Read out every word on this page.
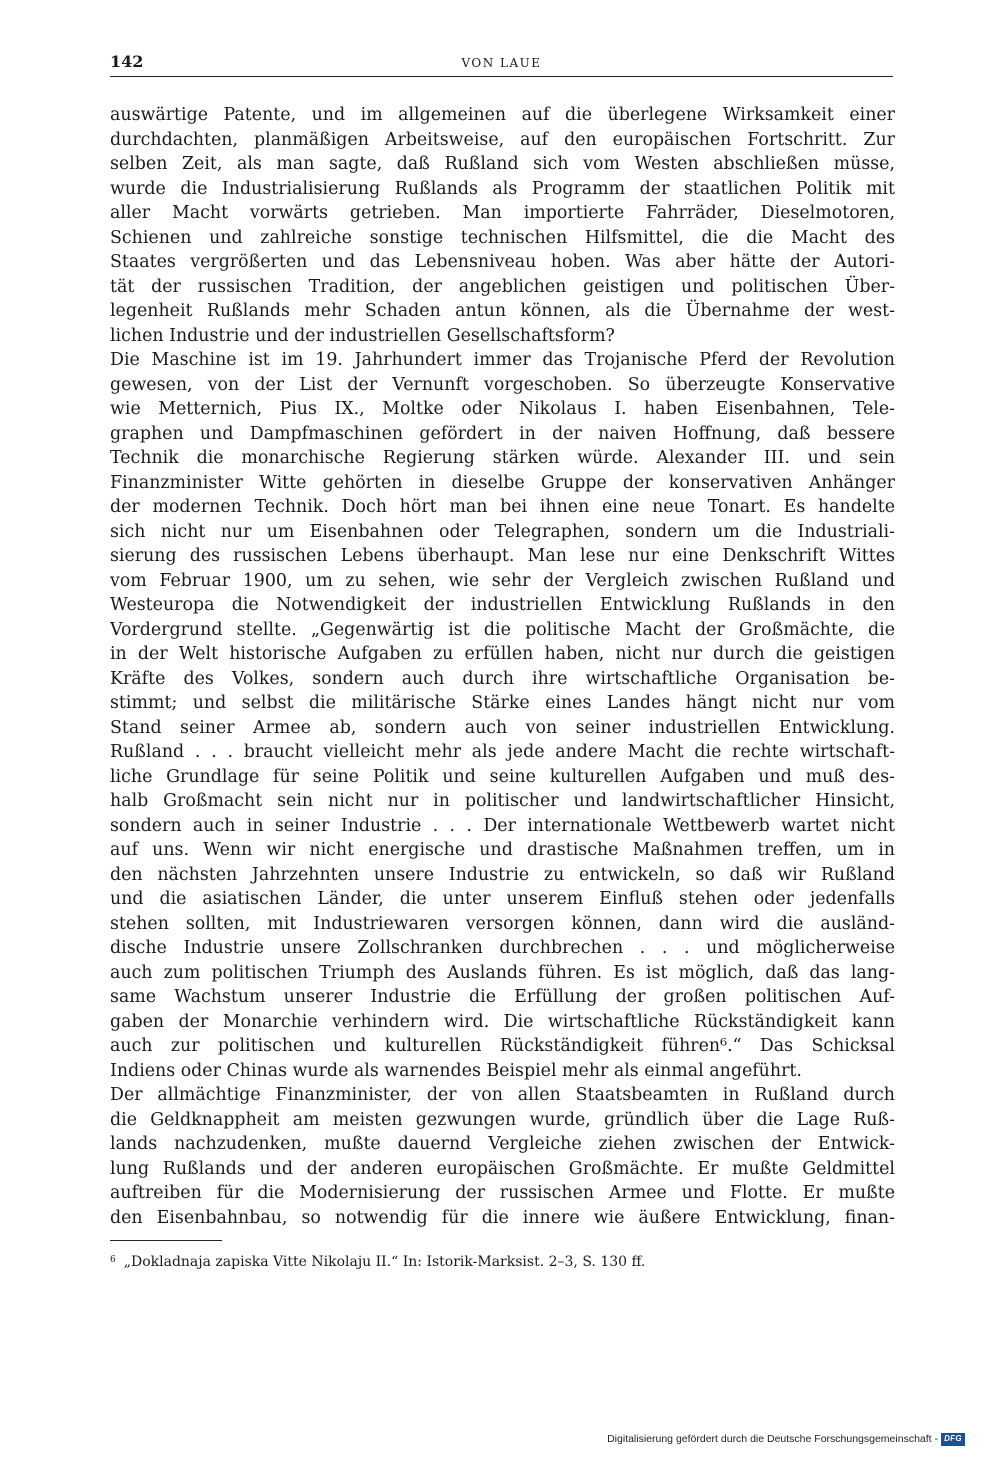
142	VON LAUE
auswärtige Patente, und im allgemeinen auf die überlegene Wirksamkeit einer
durchdachten, planmäßigen Arbeitsweise, auf den europäischen Fortschritt. Zur
selben Zeit, als man sagte, daß Rußland sich vom Westen abschließen müsse,
wurde die Industrialisierung Rußlands als Programm der staatlichen Politik mit
aller Macht vorwärts getrieben. Man importierte Fahrräder, Dieselmotoren,
Schienen und zahlreiche sonstige technischen Hilfsmittel, die die Macht des
Staates vergrößerten und das Lebensniveau hoben. Was aber hätte der Autori-
tät der russischen Tradition, der angeblichen geistigen und politischen Über-
legenheit Rußlands mehr Schaden antun können, als die Übernahme der west-
lichen Industrie und der industriellen Gesellschaftsform?
Die Maschine ist im 19. Jahrhundert immer das Trojanische Pferd der Revolution
gewesen, von der List der Vernunft vorgeschoben. So überzeugte Konservative
wie Metternich, Pius IX., Moltke oder Nikolaus I. haben Eisenbahnen, Tele-
graphen und Dampfmaschinen gefördert in der naiven Hoffnung, daß bessere
Technik die monarchische Regierung stärken würde. Alexander III. und sein
Finanzminister Witte gehörten in dieselbe Gruppe der konservativen Anhänger
der modernen Technik. Doch hört man bei ihnen eine neue Tonart. Es handelte
sich nicht nur um Eisenbahnen oder Telegraphen, sondern um die Industriali-
sierung des russischen Lebens überhaupt. Man lese nur eine Denkschrift Wittes
vom Februar 1900, um zu sehen, wie sehr der Vergleich zwischen Rußland und
Westeuropa die Notwendigkeit der industriellen Entwicklung Rußlands in den
Vordergrund stellte. „Gegenwärtig ist die politische Macht der Großmächte, die
in der Welt historische Aufgaben zu erfüllen haben, nicht nur durch die geistigen
Kräfte des Volkes, sondern auch durch ihre wirtschaftliche Organisation be-
stimmt; und selbst die militärische Stärke eines Landes hängt nicht nur vom
Stand seiner Armee ab, sondern auch von seiner industriellen Entwicklung.
Rußland . . . braucht vielleicht mehr als jede andere Macht die rechte wirtschaft-
liche Grundlage für seine Politik und seine kulturellen Aufgaben und muß des-
halb Großmacht sein nicht nur in politischer und landwirtschaftlicher Hinsicht,
sondern auch in seiner Industrie . . . Der internationale Wettbewerb wartet nicht
auf uns. Wenn wir nicht energische und drastische Maßnahmen treffen, um in
den nächsten Jahrzehnten unsere Industrie zu entwickeln, so daß wir Rußland
und die asiatischen Länder, die unter unserem Einfluß stehen oder jedenfalls
stehen sollten, mit Industriewaren versorgen können, dann wird die ausländ-
dische Industrie unsere Zollschranken durchbrechen . . . und möglicherweise
auch zum politischen Triumph des Auslands führen. Es ist möglich, daß das lang-
same Wachstum unserer Industrie die Erfüllung der großen politischen Auf-
gaben der Monarchie verhindern wird. Die wirtschaftliche Rückständigkeit kann
auch zur politischen und kulturellen Rückständigkeit führen⁶.“ Das Schicksal
Indiens oder Chinas wurde als warnendes Beispiel mehr als einmal angeführt.
Der allmächtige Finanzminister, der von allen Staatsbeamten in Rußland durch
die Geldknappheit am meisten gezwungen wurde, gründlich über die Lage Ruß-
lands nachzudenken, mußte dauernd Vergleiche ziehen zwischen der Entwick-
lung Rußlands und der anderen europäischen Großmächte. Er mußte Geldmittel
auftreiben für die Modernisierung der russischen Armee und Flotte. Er mußte
den Eisenbahnbau, so notwendig für die innere wie äußere Entwicklung, finan-
$^6$ „Dokladnaja zapiska Vitte Nikolaju II.“ In: Istorik-Marksist. 2–3, S. 130 ff.
Digitalisierung gefördert durch die Deutsche Forschungsgemeinschaft - DFG
